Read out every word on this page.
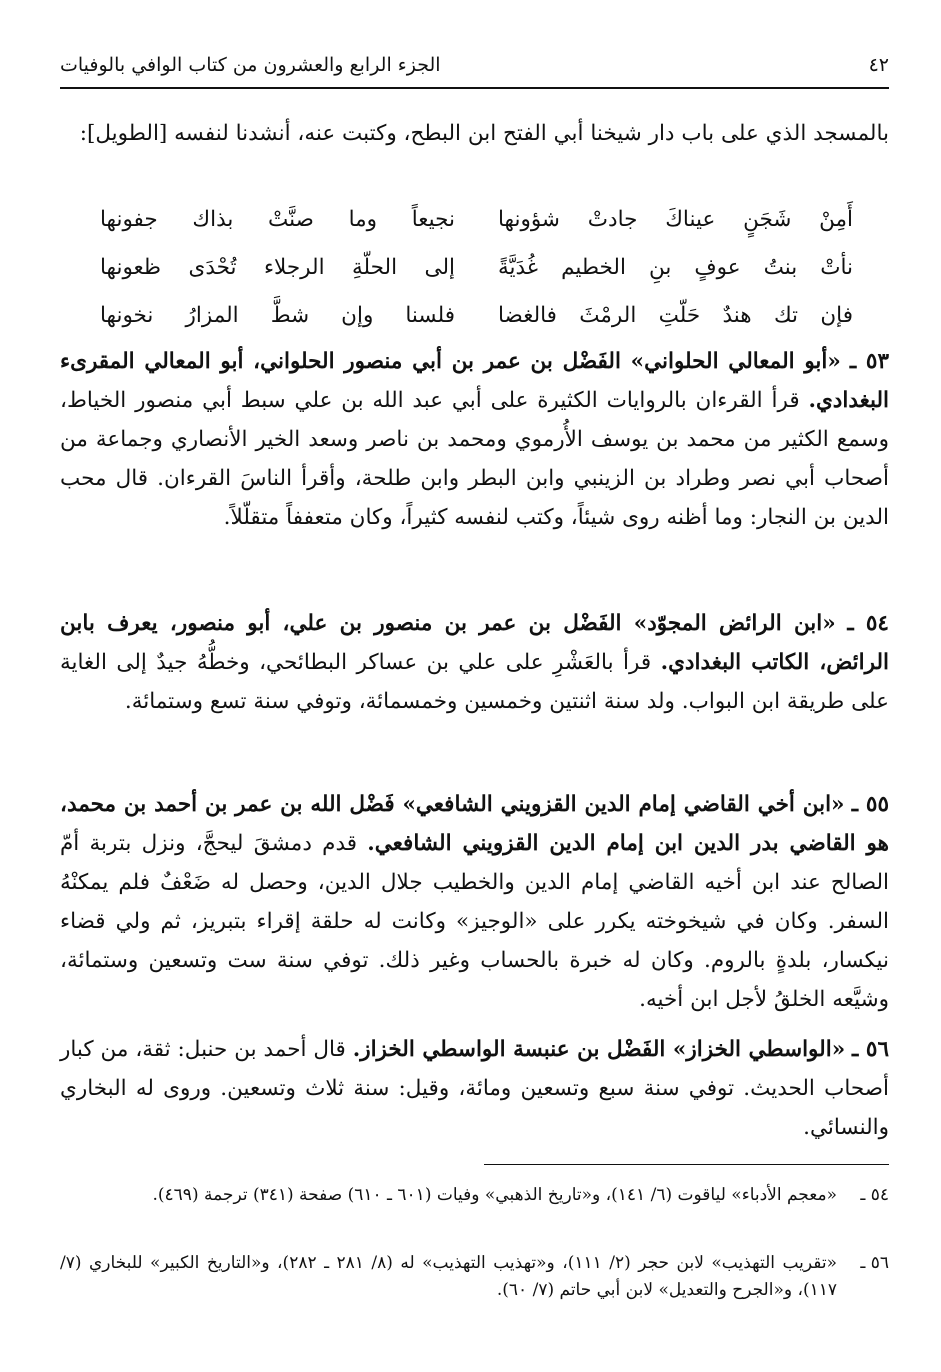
٤٢
الجزء الرابع والعشرون من كتاب الوافي بالوفيات

بالمسجد الذي على باب دار شيخنا أبي الفتح ابن البطح، وكتبت عنه، أنشدنا لنفسه [الطويل]:

أَمِنْ شَجَنٍ عيناكَ جادتْ شؤونها
نجيعاً وما صنَّتْ بذاك جفونها
نأتْ بنتُ عوفٍ بنِ الخطيم غُدَيَّةً
إلى الحلّةِ الرجلاء تُحْدَى ظعونها
فإن تك هندٌ حَلّتِ الرمْثَ فالغضا
فلسنا وإن شطَّ المزارُ نخونها

٥٣ ـ «أبو المعالي الحلواني» الفَضْل بن عمر بن أبي منصور الحلواني، أبو المعالي المقرىء البغدادي. قرأ القرءان بالروايات الكثيرة على أبي عبد الله بن علي سبط أبي منصور الخياط، وسمع الكثير من محمد بن يوسف الأُرموي ومحمد بن ناصر وسعد الخير الأنصاري وجماعة من أصحاب أبي نصر وطراد بن الزينبي وابن البطر وابن طلحة، وأقرأ الناسَ القرءان. قال محب الدين بن النجار: وما أظنه روى شيئاً، وكتب لنفسه كثيراً، وكان متعففاً متقلّلاً.

٥٤ ـ «ابن الرائض المجوّد» الفَضْل بن عمر بن منصور بن علي، أبو منصور، يعرف بابن الرائض، الكاتب البغدادي. قرأ بالعَشْرِ على علي بن عساكر البطائحي، وخطُّهُ جيدٌ إلى الغاية على طريقة ابن البواب. ولد سنة اثنتين وخمسين وخمسمائة، وتوفي سنة تسع وستمائة.

٥٥ ـ «ابن أخي القاضي إمام الدين القزويني الشافعي» فَضْل الله بن عمر بن أحمد بن محمد، هو القاضي بدر الدين ابن إمام الدين القزويني الشافعي. قدم دمشقَ ليحجَّ، ونزل بتربة أمّ الصالح عند ابن أخيه القاضي إمام الدين والخطيب جلال الدين، وحصل له ضَعْفٌ فلم يمكنْهُ السفر. وكان في شيخوخته يكرر على «الوجيز» وكانت له حلقة إقراء بتبريز، ثم ولي قضاء نيكسار، بلدةٍ بالروم. وكان له خبرة بالحساب وغير ذلك. توفي سنة ست وتسعين وستمائة، وشيَّعه الخلقُ لأجل ابن أخيه.

٥٦ ـ «الواسطي الخزاز» الفَضْل بن عنبسة الواسطي الخزاز. قال أحمد بن حنبل: ثقة، من كبار أصحاب الحديث. توفي سنة سبع وتسعين ومائة، وقيل: سنة ثلاث وتسعين. وروى له البخاري والنسائي.

٥٤ ـ
«معجم الأدباء» لياقوت (٦/ ١٤١)، و«تاريخ الذهبي» وفيات (٦٠١ ـ ٦١٠) صفحة (٣٤١) ترجمة (٤٦٩).
٥٦ ـ
«تقريب التهذيب» لابن حجر (٢/ ١١١)، و«تهذيب التهذيب» له (٨/ ٢٨١ ـ ٢٨٢)، و«التاريخ الكبير» للبخاري (٧/ ١١٧)، و«الجرح والتعديل» لابن أبي حاتم (٧/ ٦٠).
